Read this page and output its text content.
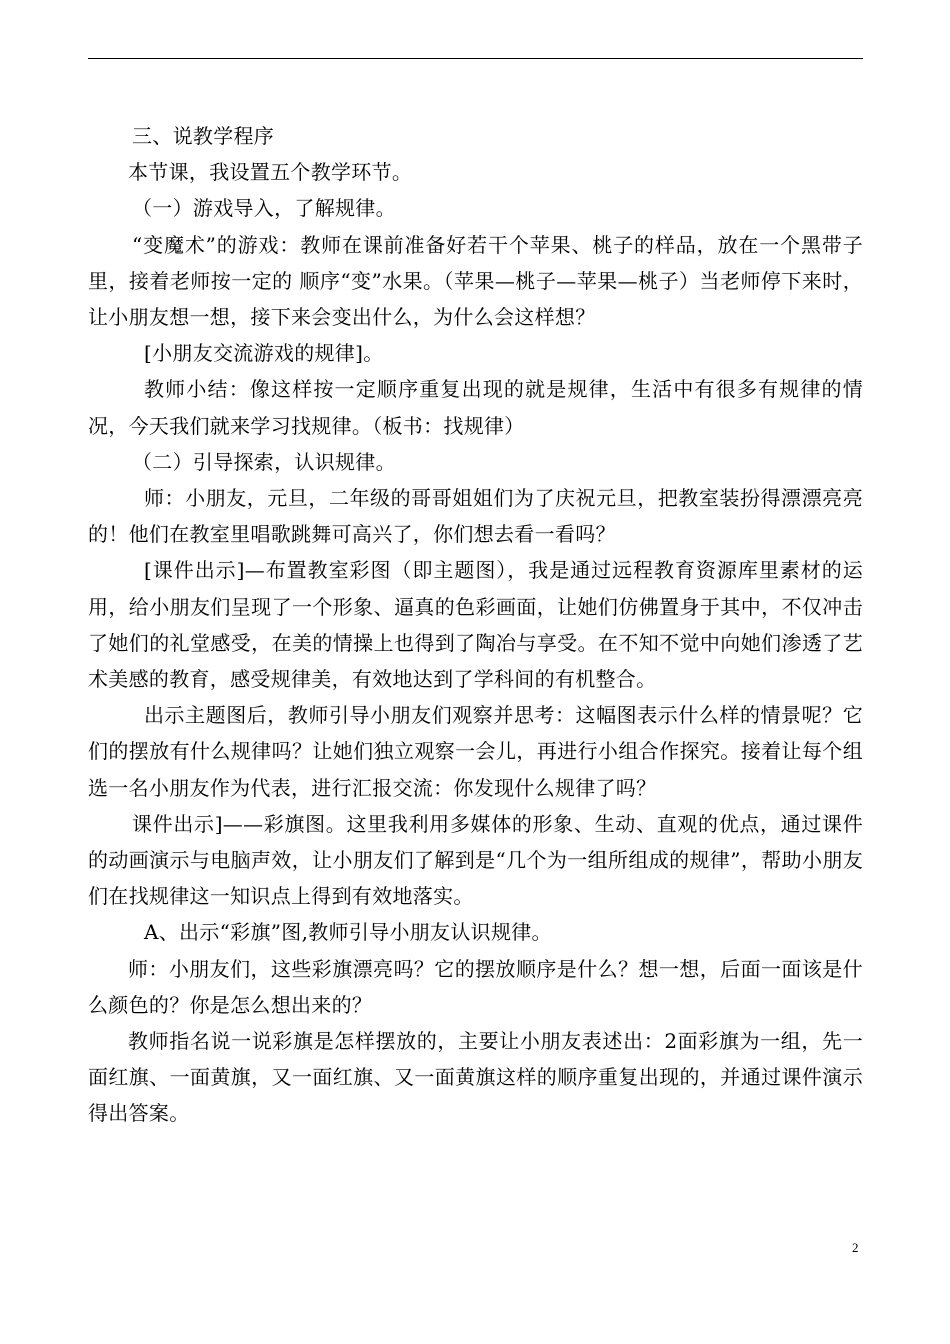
三、说教学程序

本节课，我设置五个教学环节。

（一）游戏导入，了解规律。

“变魔术”的游戏：教师在课前准备好若干个苹果、桃子的样品，放在一个黑带子里，接着老师按一定的 顺序“变”水果。（苹果—桃子—苹果—桃子）当老师停下来时，让小朋友想一想，接下来会变出什么，为什么会这样想？

[小朋友交流游戏的规律]。

教师小结：像这样按一定顺序重复出现的就是规律，生活中有很多有规律的情况，今天我们就来学习找规律。（板书：找规律）

（二）引导探索，认识规律。

师：小朋友，元旦，二年级的哥哥姐姐们为了庆祝元旦，把教室装扮得漂漂亮亮的！他们在教室里唱歌跳舞可高兴了，你们想去看一看吗？

[课件出示]—布置教室彩图（即主题图），我是通过远程教育资源库里素材的运用，给小朋友们呈现了一个形象、逼真的色彩画面，让她们仿佛置身于其中，不仅冲击了她们的礼堂感受，在美的情操上也得到了陶冶与享受。在不知不觉中向她们渗透了艺术美感的教育，感受规律美，有效地达到了学科间的有机整合。

出示主题图后，教师引导小朋友们观察并思考：这幅图表示什么样的情景呢？它们的摆放有什么规律吗？让她们独立观察一会儿，再进行小组合作探究。接着让每个组选一名小朋友作为代表，进行汇报交流：你发现什么规律了吗？

课件出示]——彩旗图。这里我利用多媒体的形象、生动、直观的优点，通过课件的动画演示与电脑声效，让小朋友们了解到是“几个为一组所组成的规律”，帮助小朋友们在找规律这一知识点上得到有效地落实。

A、出示“彩旗”图,教师引导小朋友认识规律。

师：小朋友们，这些彩旗漂亮吗？它的摆放顺序是什么？想一想，后面一面该是什么颜色的？你是怎么想出来的？

教师指名说一说彩旗是怎样摆放的，主要让小朋友表述出：2面彩旗为一组，先一面红旗、一面黄旗，又一面红旗、又一面黄旗这样的顺序重复出现的，并通过课件演示得出答案。

2
